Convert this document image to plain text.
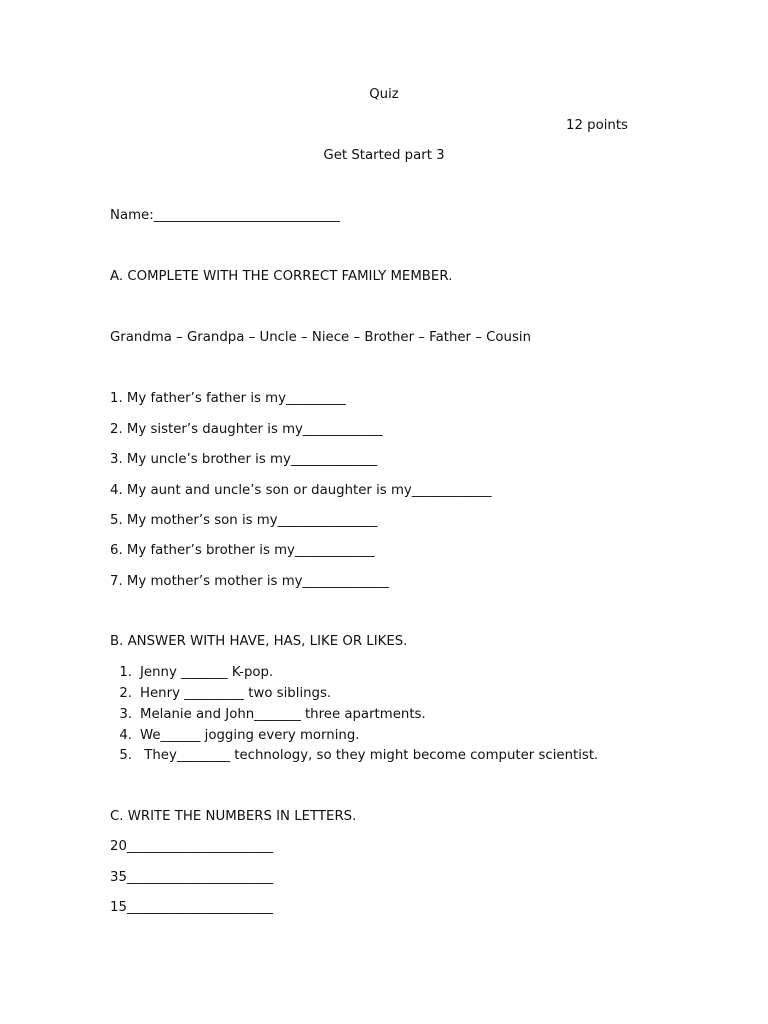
Quiz
12 points
Get Started part 3
Name:____________________________
A. COMPLETE WITH THE CORRECT FAMILY MEMBER.
Grandma – Grandpa – Uncle – Niece – Brother – Father – Cousin
1. My father’s father is my_________
2. My sister’s daughter is my____________
3. My uncle’s brother is my_____________
4. My aunt and uncle’s son or daughter is my____________
5. My mother’s son is my_______________
6. My father’s brother is my____________
7. My mother’s mother is my_____________
B. ANSWER WITH HAVE, HAS, LIKE OR LIKES.
1. Jenny _______ K-pop.
2. Henry _________ two siblings.
3. Melanie and John_______ three apartments.
4. We______ jogging every morning.
5. They________ technology, so they might become computer scientist.
C. WRITE THE NUMBERS IN LETTERS.
20______________________
35______________________
15______________________
